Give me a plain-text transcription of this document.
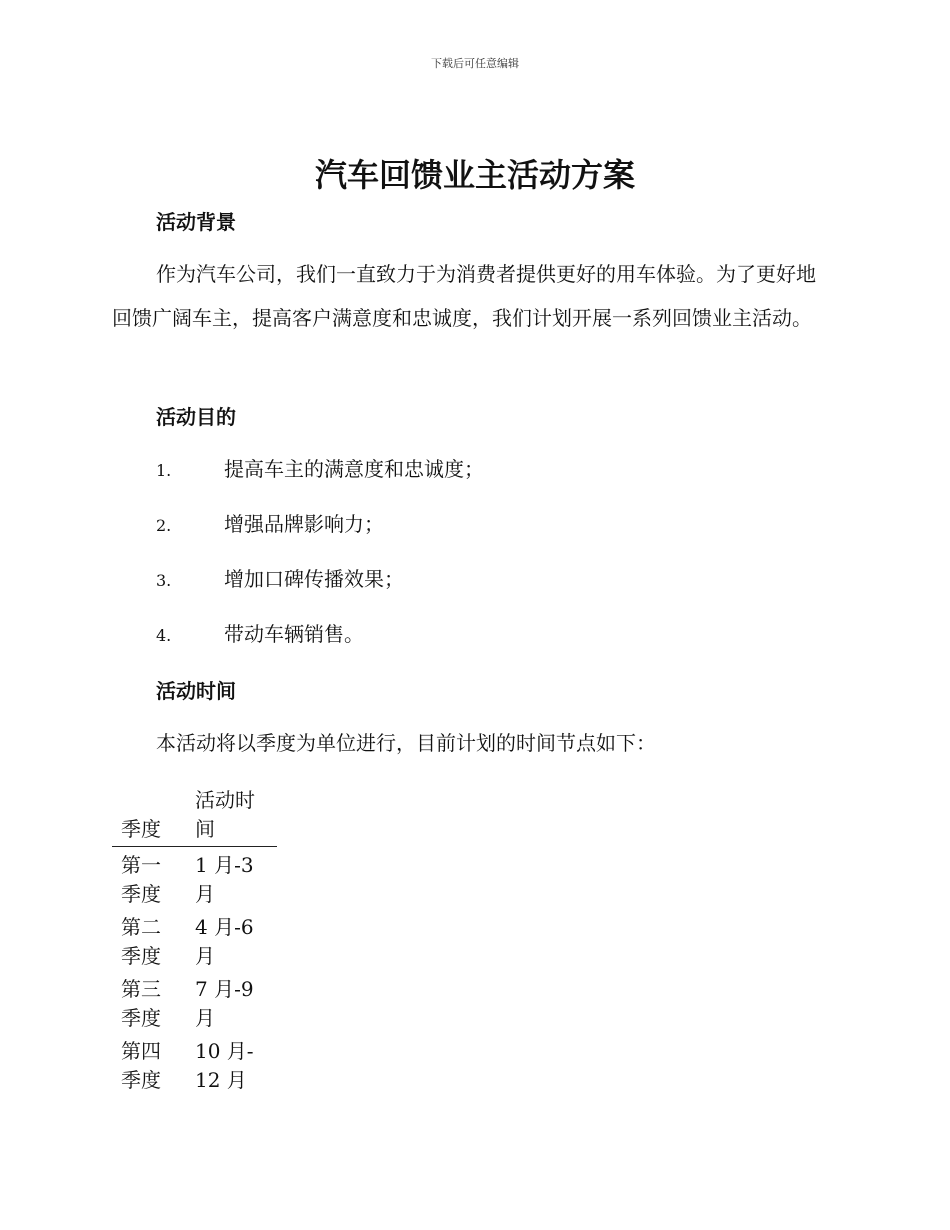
下载后可任意编辑
汽车回馈业主活动方案
活动背景

作为汽车公司，我们一直致力于为消费者提供更好的用车体验。为了更好地回馈广阔车主，提高客户满意度和忠诚度，我们计划开展一系列回馈业主活动。

活动目的

1.	提高车主的满意度和忠诚度；

2.	增强品牌影响力；

3.	增加口碑传播效果；

4.	带动车辆销售。

活动时间

本活动将以季度为单位进行，目前计划的时间节点如下：

季度	活动时
间

第一
季度	1 月-3
月

第二
季度	4 月-6
月

第三
季度	7 月-9
月

第四
季度	10 月-
12 月
